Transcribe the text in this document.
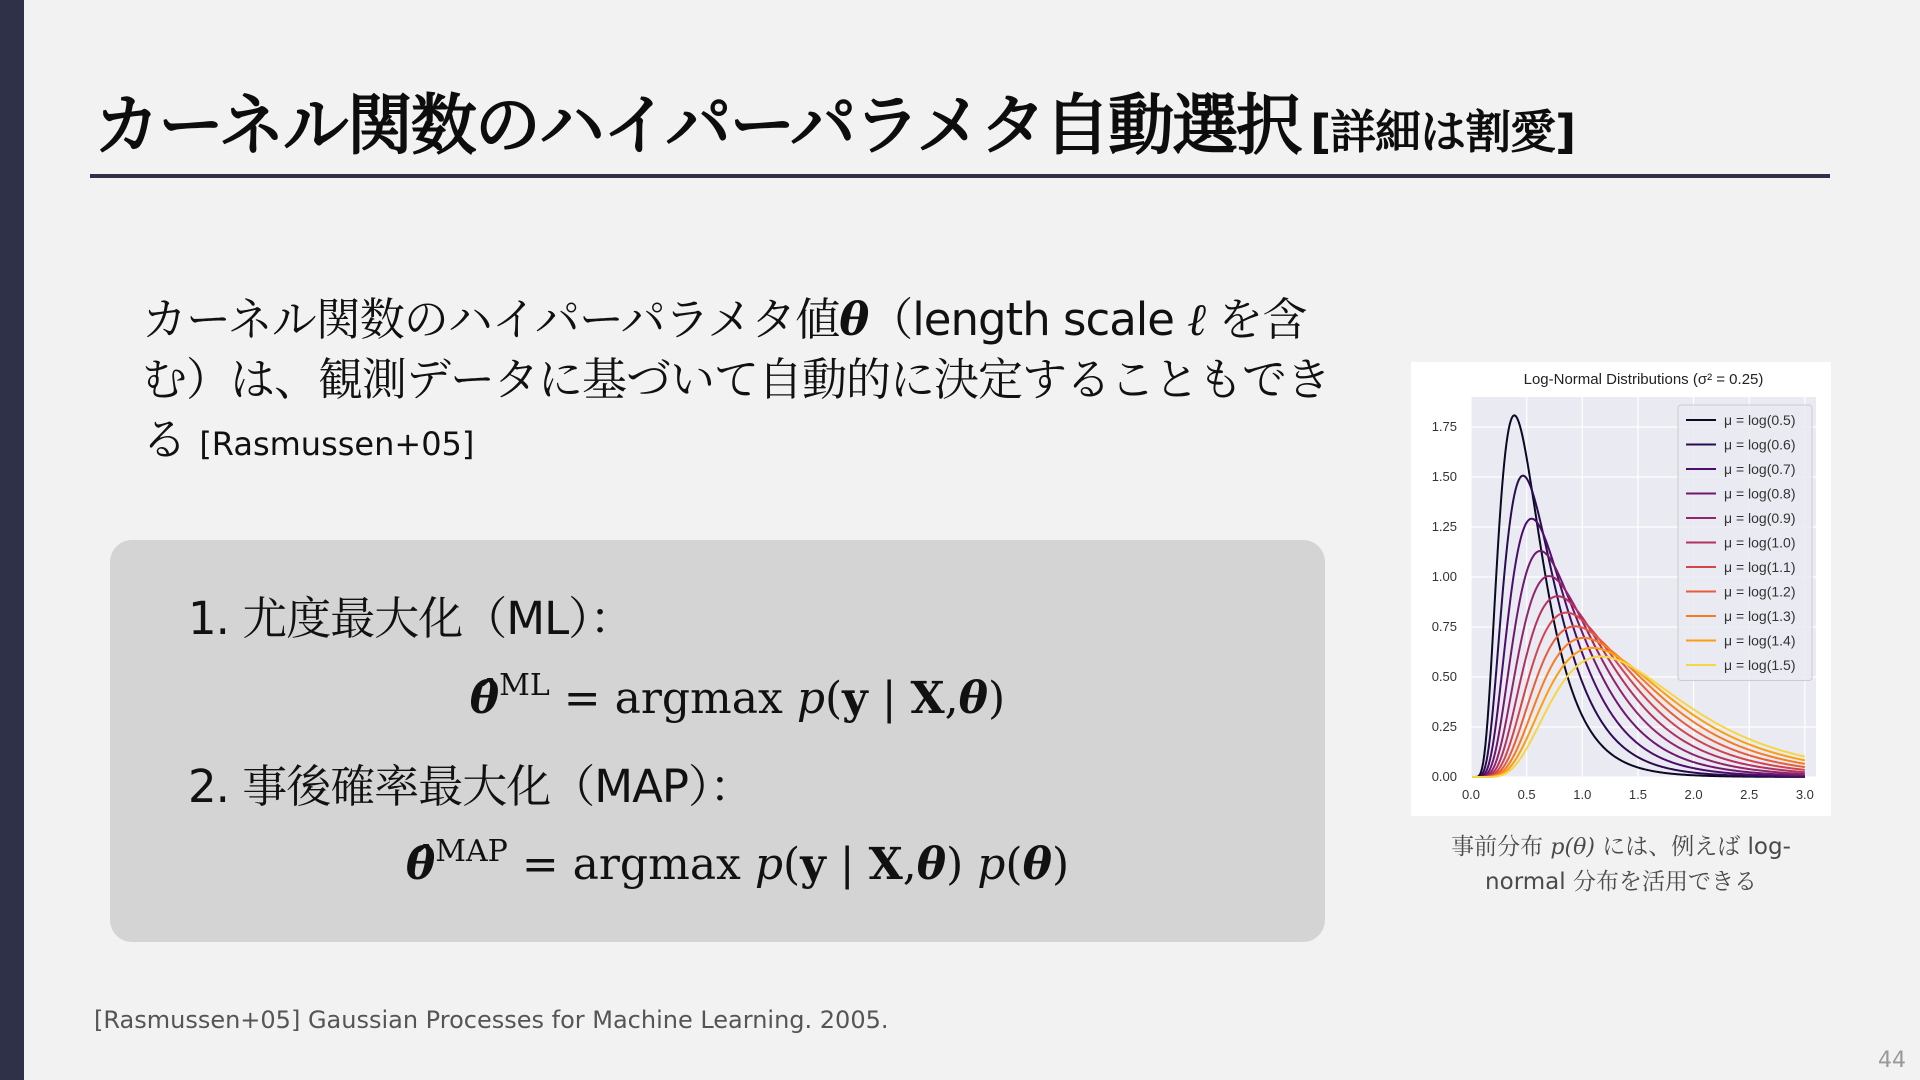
カーネル関数のハイパーパラメタ自動選択 [詳細は割愛]
カーネル関数のハイパーパラメタ値θ（length scale ℓ を含む）は、観測データに基づいて自動的に決定することもできる [Rasmussen+05]
1. 尤度最大化（ML）：
θ̂$^{ML}$ = argmax p(y | X,θ)
2. 事後確率最大化（MAP）：
θ̂$^{MAP}$ = argmax p(y | X,θ) p(θ)
Log-Normal Distributions (σ² = 0.25)
0.0	0.5	1.0	1.5	2.0	2.5	3.0
0.00
0.25
0.50
0.75
1.00
1.25
1.50
1.75	μ = log(0.5)
μ = log(0.6)
μ = log(0.7)
μ = log(0.8)
μ = log(0.9)
μ = log(1.0)
μ = log(1.1)
μ = log(1.2)
μ = log(1.3)
μ = log(1.4)
μ = log(1.5)
事前分布 p(θ) には、例えば log-normal 分布を活用できる
[Rasmussen+05] Gaussian Processes for Machine Learning. 2005.
44
